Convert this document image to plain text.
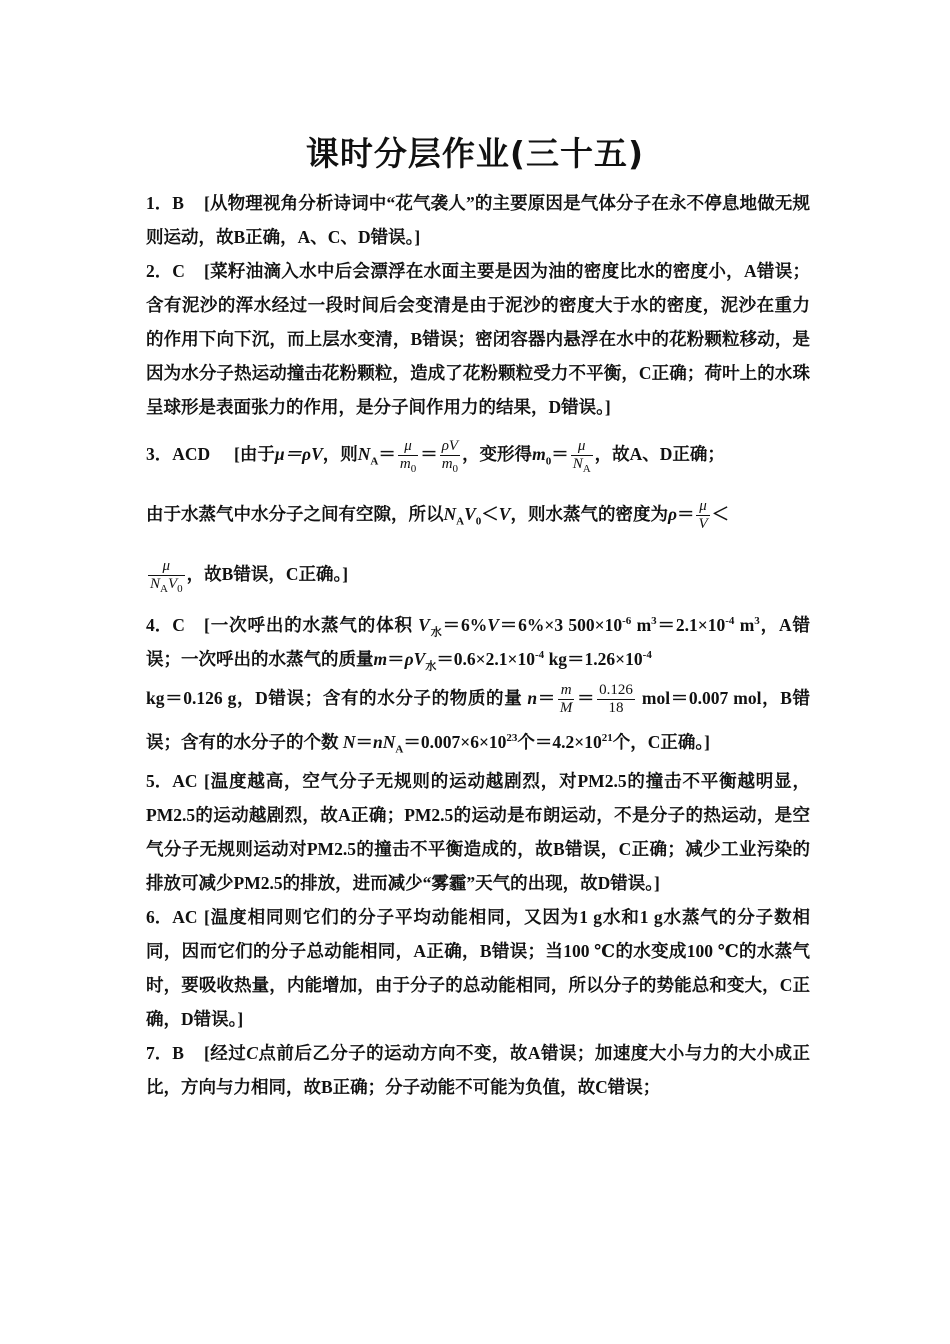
课时分层作业(三十五)

1．B [从物理视角分析诗词中“花气袭人”的主要原因是气体分子在永不停息地做无规则运动，故B正确，A、C、D错误。]

2．C [菜籽油滴入水中后会漂浮在水面主要是因为油的密度比水的密度小，A错误；含有泥沙的浑水经过一段时间后会变清是由于泥沙的密度大于水的密度，泥沙在重力的作用下向下沉，而上层水变清，B错误；密闭容器内悬浮在水中的花粉颗粒移动，是因为水分子热运动撞击花粉颗粒，造成了花粉颗粒受力不平衡，C正确；荷叶上的水珠呈球形是表面张力的作用，是分子间作用力的结果，D错误。]

3．ACD [由于μ＝ρV，则$N_A= \frac{\mu}{m_0} = \frac{\rho V}{m_0}$ ，变形得$m_0= \frac{\mu}{N_A}$ ，故A、D正确；

由于水蒸气中水分子之间有空隙，所以$N_AV_0<V$，则水蒸气的密度为$\rho= \frac{\mu}{V}$ ＜

$\frac{\mu}{N_AV_0}$ ，故B错误，C正确。]

4．C [一次呼出的水蒸气的体积 $V_水=6\%V=6\%\times 3$ $500\times 10^{-6}$ $m^3=2.1\times 10^{-4}$ $m^3$，A错误；一次呼出的水蒸气的质量$m=\rho V_水=0.6\times 2.1\times 10^{-4}$ $kg=1.26\times 10^{-4}$

kg＝0.126 g，D错误；含有的水分子的物质的量 $n= \frac{m}{M} = \frac{0.126}{18} mol=0.007$ mol，B错误；含有的水分子的个数 $N=nN_A=0.007\times 6\times 10^{23}$个$=4.2\times 10^{21}$个，C正确。]

5．AC [温度越高，空气分子无规则的运动越剧烈，对PM2.5的撞击不平衡越明显，PM2.5的运动越剧烈，故A正确；PM2.5的运动是布朗运动，不是分子的热运动，是空气分子无规则运动对PM2.5的撞击不平衡造成的，故B错误，C正确；减少工业污染的排放可减少PM2.5的排放，进而减少“雾霾”天气的出现，故D错误。]

6．AC [温度相同则它们的分子平均动能相同，又因为1 g水和1 g水蒸气的分子数相同，因而它们的分子总动能相同，A正确，B错误；当100 ℃的水变成100 ℃的水蒸气时，要吸收热量，内能增加，由于分子的总动能相同，所以分子的势能总和变大，C正确，D错误。]

7．B [经过C点前后乙分子的运动方向不变，故A错误；加速度大小与力的大小成正比，方向与力相同，故B正确；分子动能不可能为负值，故C错误；
